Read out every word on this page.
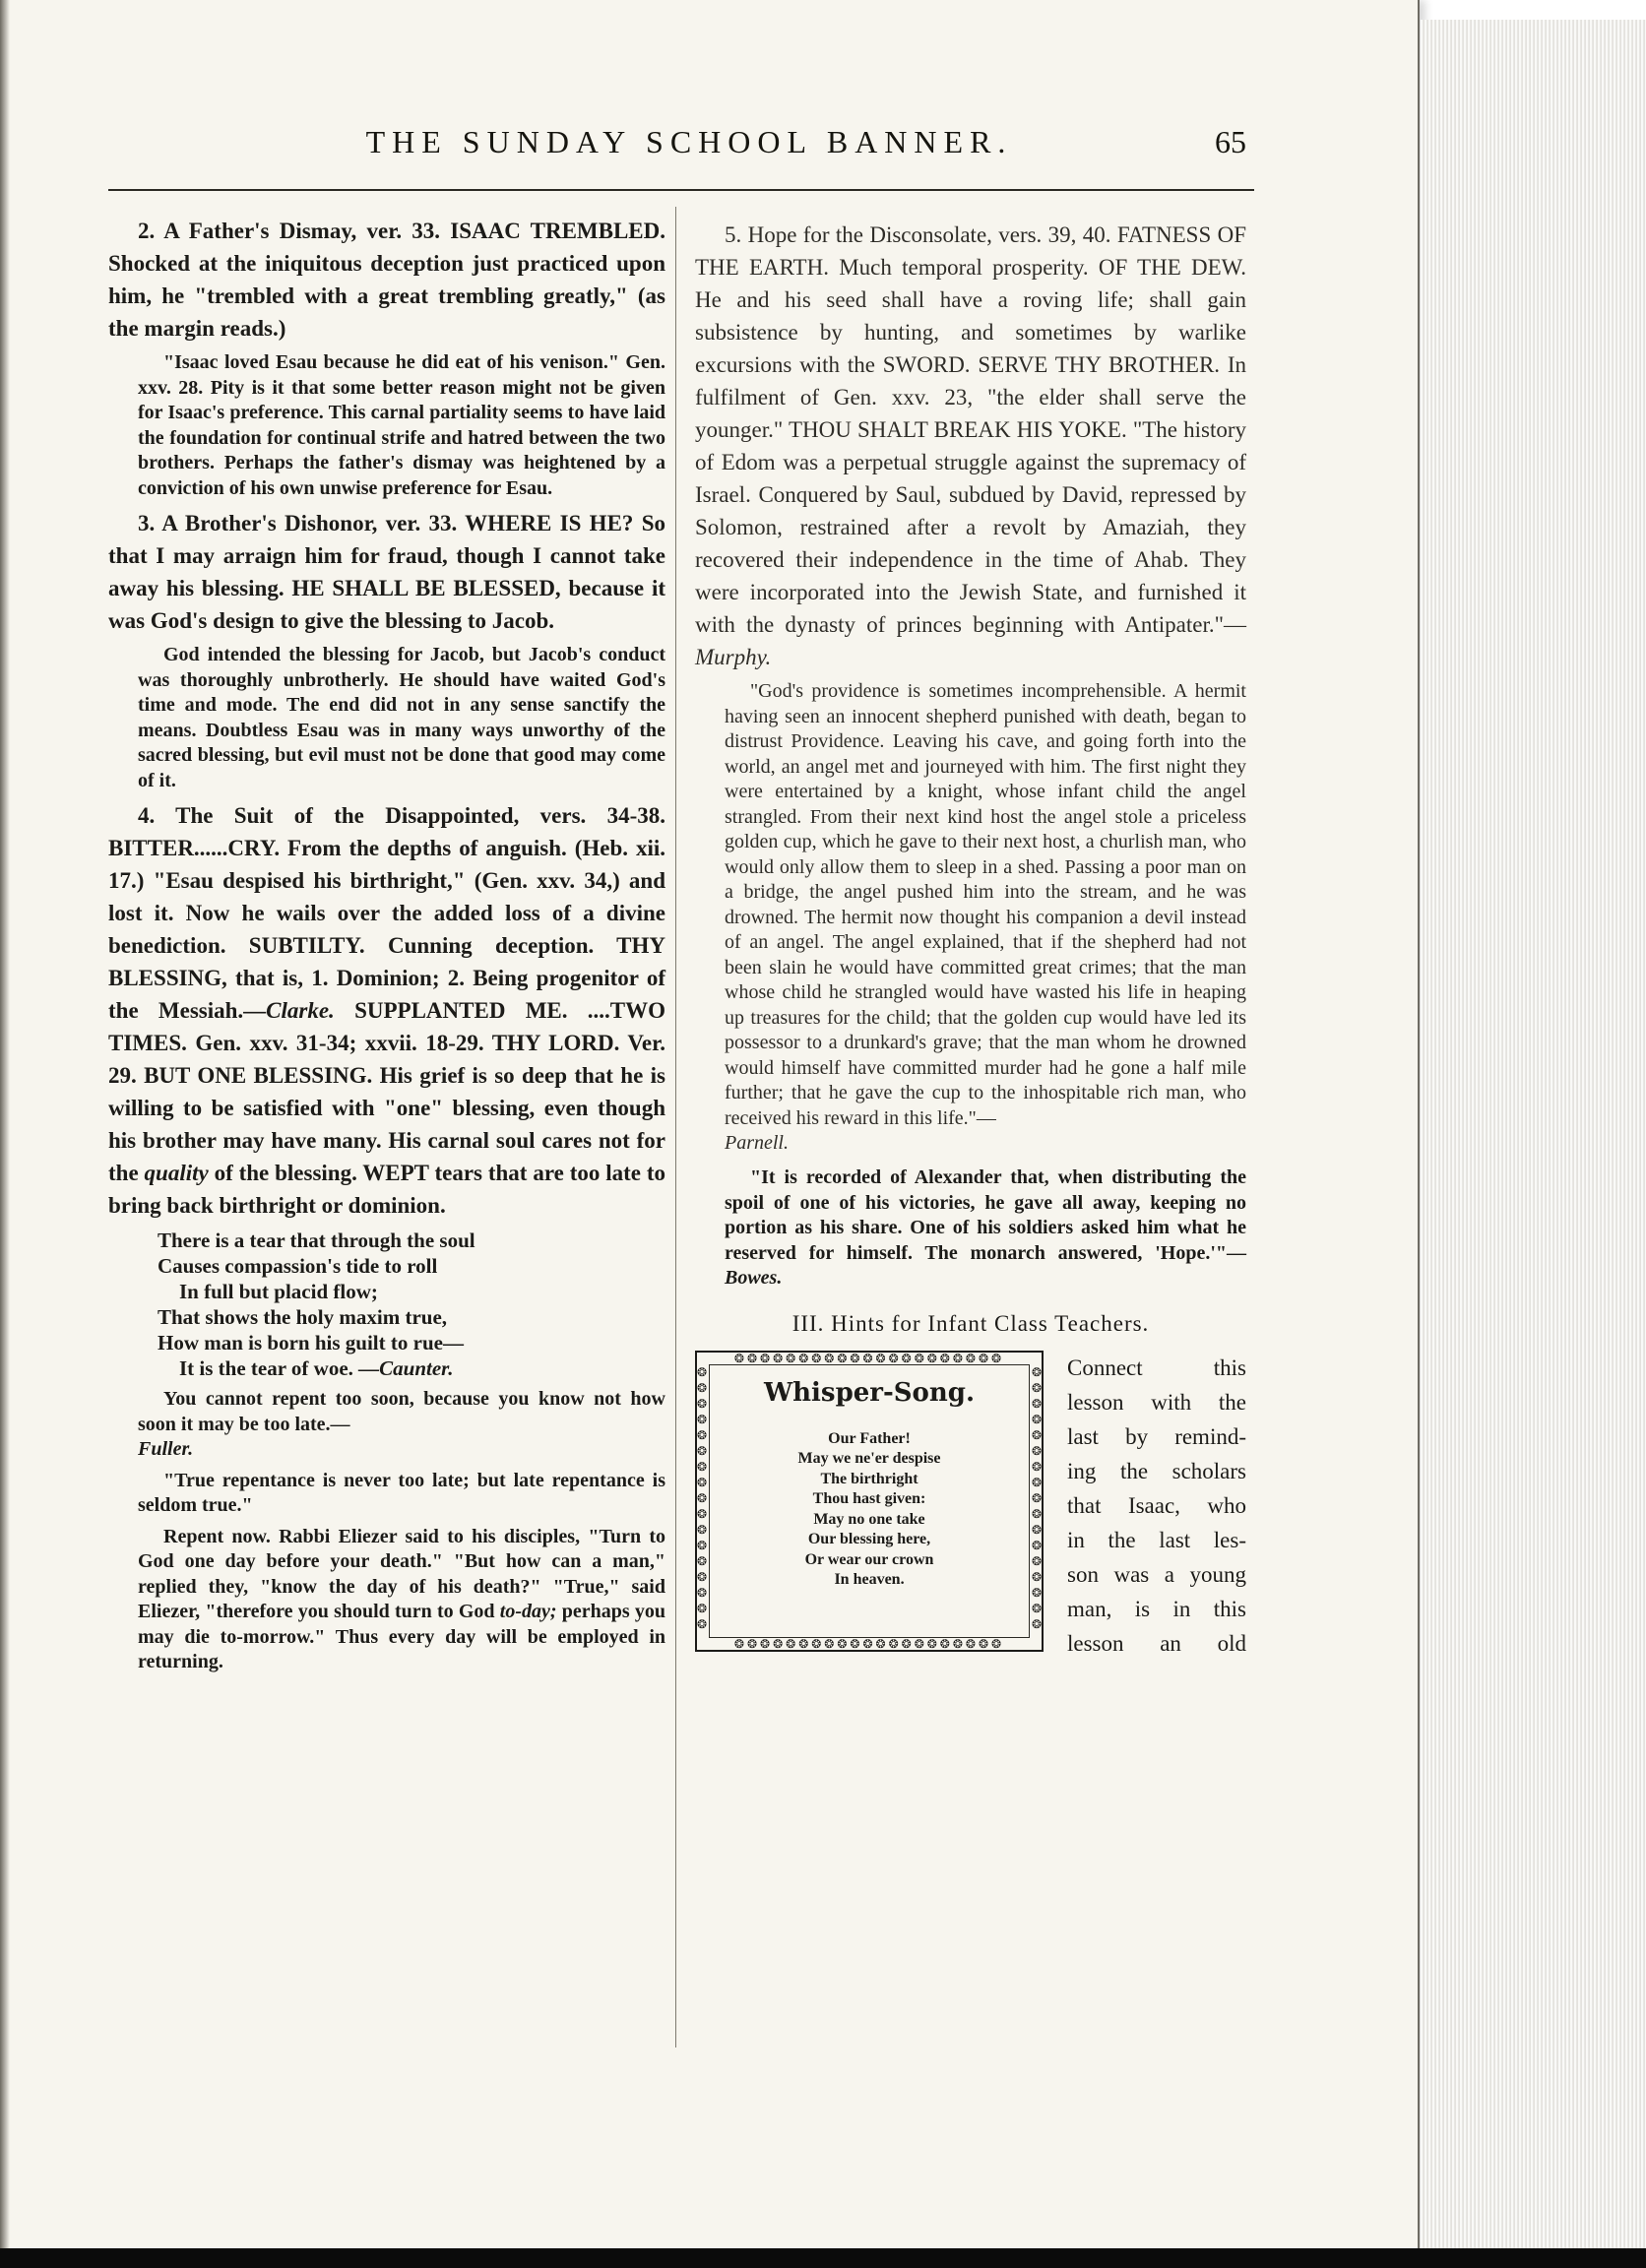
THE SUNDAY SCHOOL BANNER.	65

2. A Father's Dismay, ver. 33. ISAAC TREMBLED. Shocked at the iniquitous deception just practiced upon him, he "trembled with a great trembling greatly," (as the margin reads.)

"Isaac loved Esau because he did eat of his venison." Gen. xxv. 28. Pity is it that some better reason might not be given for Isaac's preference. This carnal partiality seems to have laid the foundation for continual strife and hatred between the two brothers. Perhaps the father's dismay was heightened by a conviction of his own unwise preference for Esau.

3. A Brother's Dishonor, ver. 33. WHERE IS HE? So that I may arraign him for fraud, though I cannot take away his blessing. HE SHALL BE BLESSED, because it was God's design to give the blessing to Jacob.

God intended the blessing for Jacob, but Jacob's conduct was thoroughly unbrotherly. He should have waited God's time and mode. The end did not in any sense sanctify the means. Doubtless Esau was in many ways unworthy of the sacred blessing, but evil must not be done that good may come of it.

4. The Suit of the Disappointed, vers. 34-38. BITTER......CRY. From the depths of anguish. (Heb. xii. 17.) "Esau despised his birthright," (Gen. xxv. 34,) and lost it. Now he wails over the added loss of a divine benediction. SUBTILTY. Cunning deception. THY BLESSING, that is, 1. Dominion; 2. Being progenitor of the Messiah.—Clarke. SUPPLANTED ME. ....TWO TIMES. Gen. xxv. 31-34; xxvii. 18-29. THY LORD. Ver. 29. BUT ONE BLESSING. His grief is so deep that he is willing to be satisfied with "one" blessing, even though his brother may have many. His carnal soul cares not for the quality of the blessing. WEPT tears that are too late to bring back birthright or dominion.

There is a tear that through the soul
Causes compassion's tide to roll
In full but placid flow;
That shows the holy maxim true,
How man is born his guilt to rue—
It is the tear of woe. —Caunter.

You cannot repent too soon, because you know not how soon it may be too late.—
Fuller.

"True repentance is never too late; but late repentance is seldom true."

Repent now. Rabbi Eliezer said to his disciples, "Turn to God one day before your death." "But how can a man," replied they, "know the day of his death?" "True," said Eliezer, "therefore you should turn to God to-day; perhaps you may die to-morrow." Thus every day will be employed in returning.

5. Hope for the Disconsolate, vers. 39, 40. FATNESS OF THE EARTH. Much temporal prosperity. OF THE DEW. He and his seed shall have a roving life; shall gain subsistence by hunting, and sometimes by warlike excursions with the SWORD. SERVE THY BROTHER. In fulfilment of Gen. xxv. 23, "the elder shall serve the younger." THOU SHALT BREAK HIS YOKE. "The history of Edom was a perpetual struggle against the supremacy of Israel. Conquered by Saul, subdued by David, repressed by Solomon, restrained after a revolt by Amaziah, they recovered their independence in the time of Ahab. They were incorporated into the Jewish State, and furnished it with the dynasty of princes beginning with Antipater."—Murphy.

"God's providence is sometimes incomprehensible. A hermit having seen an innocent shepherd punished with death, began to distrust Providence. Leaving his cave, and going forth into the world, an angel met and journeyed with him. The first night they were entertained by a knight, whose infant child the angel strangled. From their next kind host the angel stole a priceless golden cup, which he gave to their next host, a churlish man, who would only allow them to sleep in a shed. Passing a poor man on a bridge, the angel pushed him into the stream, and he was drowned. The hermit now thought his companion a devil instead of an angel. The angel explained, that if the shepherd had not been slain he would have committed great crimes; that the man whose child he strangled would have wasted his life in heaping up treasures for the child; that the golden cup would have led its possessor to a drunkard's grave; that the man whom he drowned would himself have committed murder had he gone a half mile further; that he gave the cup to the inhospitable rich man, who received his reward in this life."—

Parnell.

"It is recorded of Alexander that, when distributing the spoil of one of his victories, he gave all away, keeping no portion as his share. One of his soldiers asked him what he reserved for himself. The monarch answered, 'Hope.'"—Bowes.

III. Hints for Infant Class Teachers.
❂❂❂❂❂❂❂❂❂❂❂❂❂❂❂❂❂❂❂❂❂
❂❂❂❂❂❂❂❂❂❂❂❂❂❂❂❂❂❂❂❂❂
❂❂❂❂❂❂❂❂❂❂❂❂❂❂❂❂❂
❂❂❂❂❂❂❂❂❂❂❂❂❂❂❂❂❂
Whisper-Song.
Our Father!
May we ne'er despise
The birthright
Thou hast given:
May no one take
Our blessing here,
Or wear our crown
In heaven.
Connect this
lesson with the
last by remind-
ing the scholars
that Isaac, who
in the last les-
son was a young
man, is in this
lesson an old
